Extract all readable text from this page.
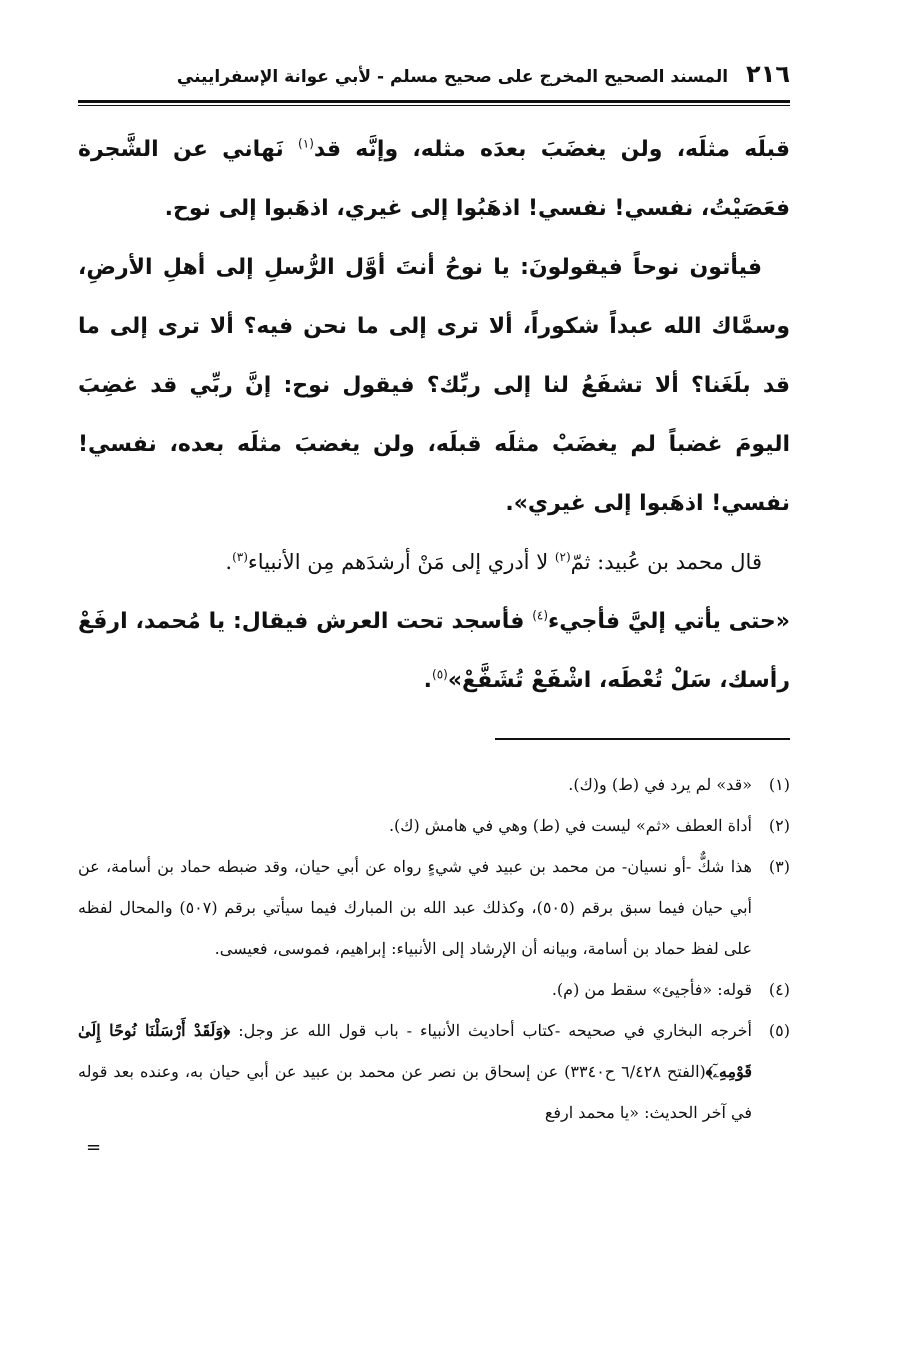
٢١٦
المسند الصحيح المخرج على صحيح مسلم - لأبي عوانة الإسفراييني

قبلَه مثلَه، ولن يغضَبَ بعدَه مثله، وإنَّه قد$^{(١)}$ نَهاني عن الشَّجرة فعَصَيْتُ، نفسي! نفسي! اذهَبُوا إلى غيري، اذهَبوا إلى نوح.

فيأتون نوحاً فيقولونَ: يا نوحُ أنتَ أوَّل الرُّسلِ إلى أهلِ الأرضِ، وسمَّاك الله عبداً شكوراً، ألا ترى إلى ما نحن فيه؟ ألا ترى إلى ما قد بلَغَنا؟ ألا تشفَعُ لنا إلى ربِّك؟ فيقول نوح: إنَّ ربِّي قد غضِبَ اليومَ غضباً لم يغضَبْ مثلَه قبلَه، ولن يغضبَ مثلَه بعده، نفسي! نفسي! اذهَبوا إلى غيري».

قال محمد بن عُبيد: ثمّ$^{(٢)}$ لا أدري إلى مَنْ أرشدَهم مِن الأنبياء$^{(٣)}$.

«حتى يأتي إليَّ فأجيء$^{(٤)}$ فأسجد تحت العرش فيقال: يا مُحمد، ارفَعْ رأسك، سَلْ تُعْطَه، اشْفَعْ تُشَفَّعْ»$^{(٥)}$.

(١)
«قد» لم يرد في (ط) و(ك).
(٢)
أداة العطف «ثم» ليست في (ط) وهي في هامش (ك).
(٣)
هذا شكٌّ -أو نسيان- من محمد بن عبيد في شيءٍ رواه عن أبي حيان، وقد ضبطه حماد بن أسامة، عن أبي حيان فيما سبق برقم (٥٠٥)، وكذلك عبد الله بن المبارك فيما سيأتي برقم (٥٠٧) والمحال لفظه على لفظ حماد بن أسامة، وبيانه أن الإرشاد إلى الأنبياء: إبراهيم، فموسى، فعيسى.
(٤)
قوله: «فأجيئ» سقط من (م).
(٥)
أخرجه البخاري في صحيحه -كتاب أحاديث الأنبياء - باب قول الله عز وجل: ﴿وَلَقَدْ أَرْسَلْنَا نُوحًا إِلَىٰ قَوْمِهِۦٓ﴾(الفتح ٦/٤٢٨ ح٣٣٤٠) عن إسحاق بن نصر عن محمد بن عبيد عن أبي حيان به، وعنده بعد قوله في آخر الحديث: «يا محمد ارفع
=
